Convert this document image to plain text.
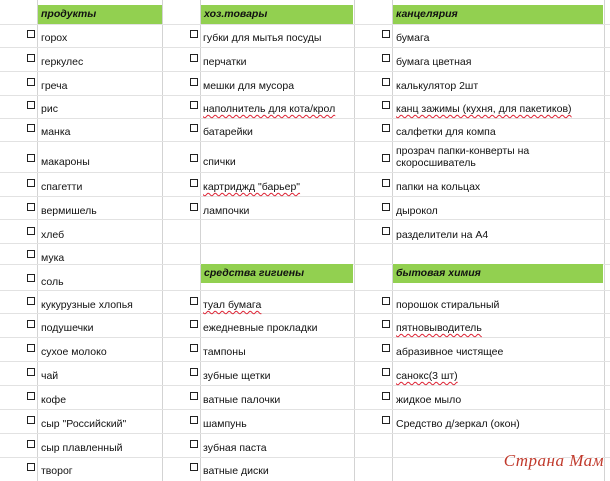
продукты	хоз.товары
средства гигиены
канцелярия
бытовая химия
горох
геркулес
греча
рис
манка
макароны
спагетти
вермишель
хлеб
мука
соль
кукурузные хлопья
подушечки
сухое молоко
чай
кофе
сыр "Российский"
сыр плавленный
творог
губки для мытья посуды
перчатки
мешки для мусора
наполнитель для кота/крол
батарейки
спички
картриджд "барьер"
лампочки
туал бумага
ежедневные прокладки
тампоны
зубные щетки
ватные палочки
шампунь
зубная паста
ватные диски
бумага
бумага цветная
калькулятор 2шт
канц зажимы (кухня, для пакетиков)
салфетки для компа
прозрач папки-конверты на скоросшиватель
папки на кольцах
дырокол
разделители на А4
порошок стиральный
пятновыводитель
абразивное чистящее
санокс(3 шт)
жидкое мыло
Средство д/зеркал (окон)
Страна Мам
